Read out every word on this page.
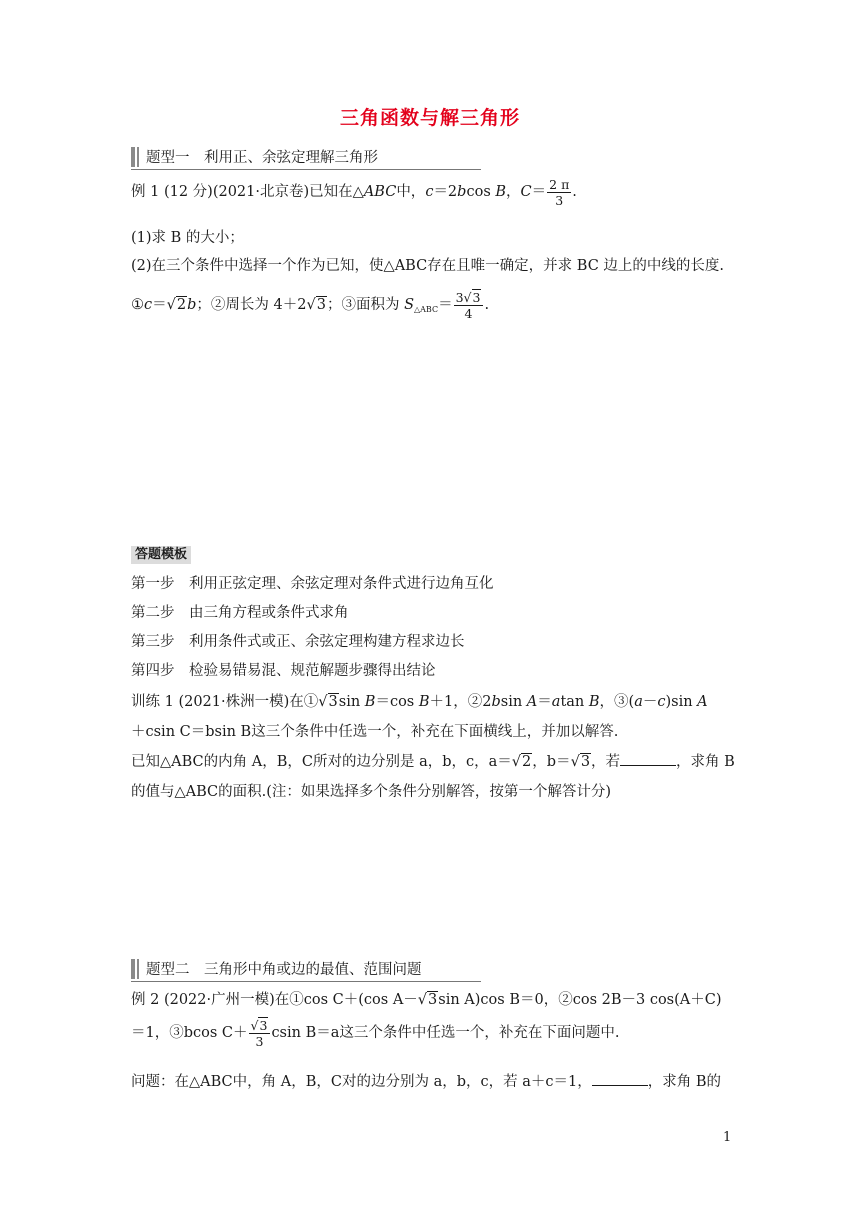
三角函数与解三角形
题型一　利用正、余弦定理解三角形
例 1 (12 分)(2021·北京卷)已知在△ABC中，c＝2bcos B，$C= \frac{2 \pi}{3}$ .
(1)求 B 的大小；
(2)在三个条件中选择一个作为已知，使△ABC存在且唯一确定，并求 BC 边上的中线的长度.
①c＝√2b；②周长为 4＋2√3；③面积为 $S_{\triangle ABC}= \frac{3√3}{4}$ .
答题模板
第一步　利用正弦定理、余弦定理对条件式进行边角互化
第二步　由三角方程或条件式求角
第三步　利用条件式或正、余弦定理构建方程求边长
第四步　检验易错易混、规范解题步骤得出结论
训练 1 (2021·株洲一模)在①√3sin B＝cos B＋1，②2bsin A＝atan B，③(a－c)sin A
＋csin C＝bsin B这三个条件中任选一个，补充在下面横线上，并加以解答.
已知△ABC的内角 A，B，C所对的边分别是 a，b，c，a＝√2，b＝√3，若	，求角 B
的值与△ABC的面积.(注：如果选择多个条件分别解答，按第一个解答计分)
题型二　三角形中角或边的最值、范围问题
例 2 (2022·广州一模)在①cos C＋(cos A－√3sin A)cos B＝0，②cos 2B－3 cos(A＋C)
＝1，③bcos $C+ \frac{√3}{3}$ csin B＝a这三个条件中任选一个，补充在下面问题中.
问题：在△ABC中，角 A，B，C对的边分别为 a，b，c，若 a＋c＝1，	，求角 B的
1
